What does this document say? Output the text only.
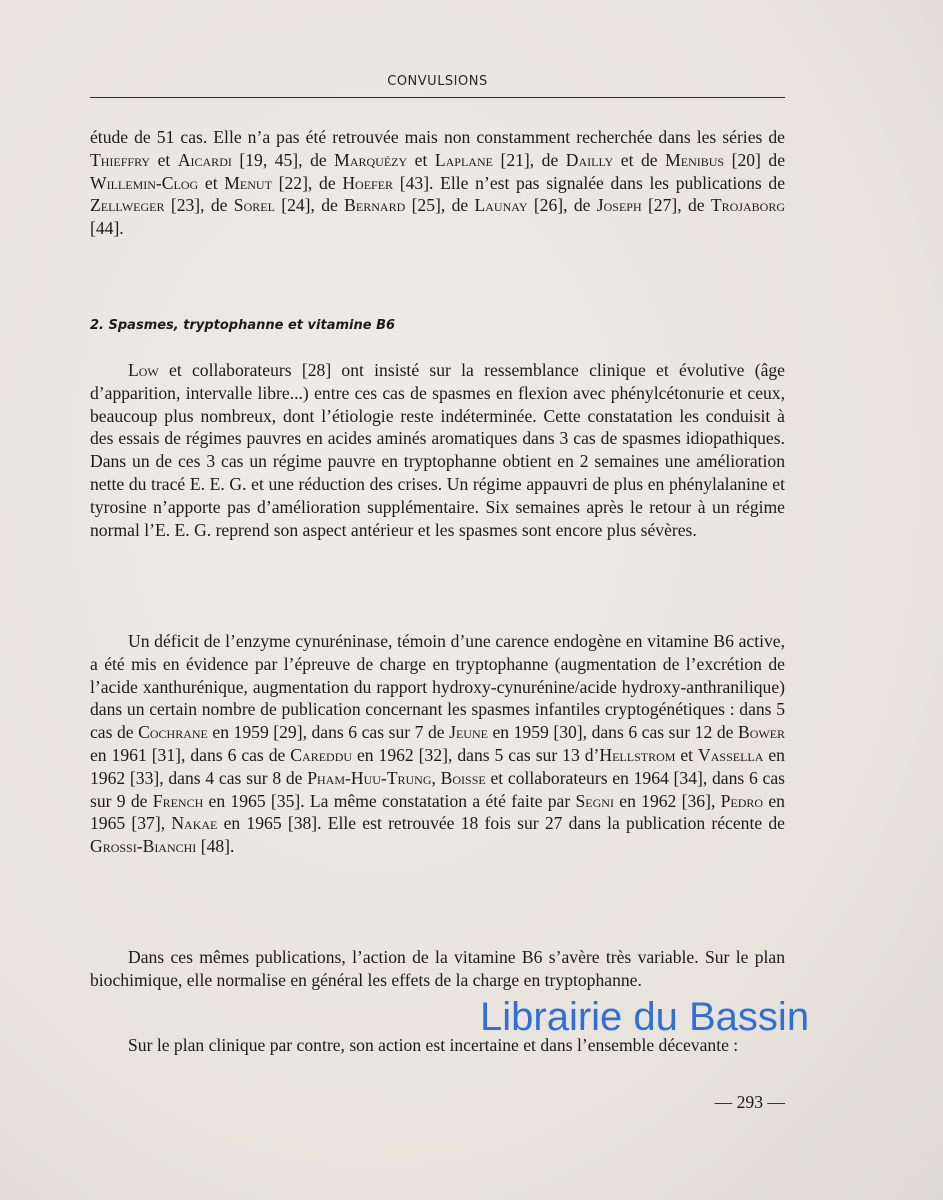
CONVULSIONS

étude de 51 cas. Elle n’a pas été retrouvée mais non constamment recherchée dans les séries de Thieffry et Aicardi [19, 45], de Marquézy et Laplane [21], de Dailly et de Menibus [20] de Willemin-Clog et Menut [22], de Hoefer [43]. Elle n’est pas signalée dans les publications de Zellweger [23], de Sorel [24], de Bernard [25], de Launay [26], de Joseph [27], de Trojaborg [44].

2. Spasmes, tryptophanne et vitamine B6

Low et collaborateurs [28] ont insisté sur la ressemblance clinique et évolutive (âge d’apparition, intervalle libre...) entre ces cas de spasmes en flexion avec phénylcétonurie et ceux, beaucoup plus nombreux, dont l’étiologie reste indéterminée. Cette constatation les conduisit à des essais de régimes pauvres en acides aminés aromatiques dans 3 cas de spasmes idiopathiques. Dans un de ces 3 cas un régime pauvre en tryptophanne obtient en 2 semaines une amélioration nette du tracé E. E. G. et une réduction des crises. Un régime appauvri de plus en phénylalanine et tyrosine n’apporte pas d’amélioration supplémentaire. Six semaines après le retour à un régime normal l’E. E. G. reprend son aspect antérieur et les spasmes sont encore plus sévères.

Un déficit de l’enzyme cynuréninase, témoin d’une carence endogène en vitamine B6 active, a été mis en évidence par l’épreuve de charge en tryptophanne (augmentation de l’excrétion de l’acide xanthurénique, augmentation du rapport hydroxy-cynurénine/acide hydroxy-anthranilique) dans un certain nombre de publication concernant les spasmes infantiles cryptogénétiques : dans 5 cas de Cochrane en 1959 [29], dans 6 cas sur 7 de Jeune en 1959 [30], dans 6 cas sur 12 de Bower en 1961 [31], dans 6 cas de Careddu en 1962 [32], dans 5 cas sur 13 d’Hellstrom et Vassella en 1962 [33], dans 4 cas sur 8 de Pham-Huu-Trung, Boisse et collaborateurs en 1964 [34], dans 6 cas sur 9 de French en 1965 [35]. La même constatation a été faite par Segni en 1962 [36], Pedro en 1965 [37], Nakae en 1965 [38]. Elle est retrouvée 18 fois sur 27 dans la publication récente de Grossi-Bianchi [48].

Dans ces mêmes publications, l’action de la vitamine B6 s’avère très variable. Sur le plan biochimique, elle normalise en général les effets de la charge en tryptophanne.

Sur le plan clinique par contre, son action est incertaine et dans l’ensemble décevante :

Librairie du Bassin
— 293 —
